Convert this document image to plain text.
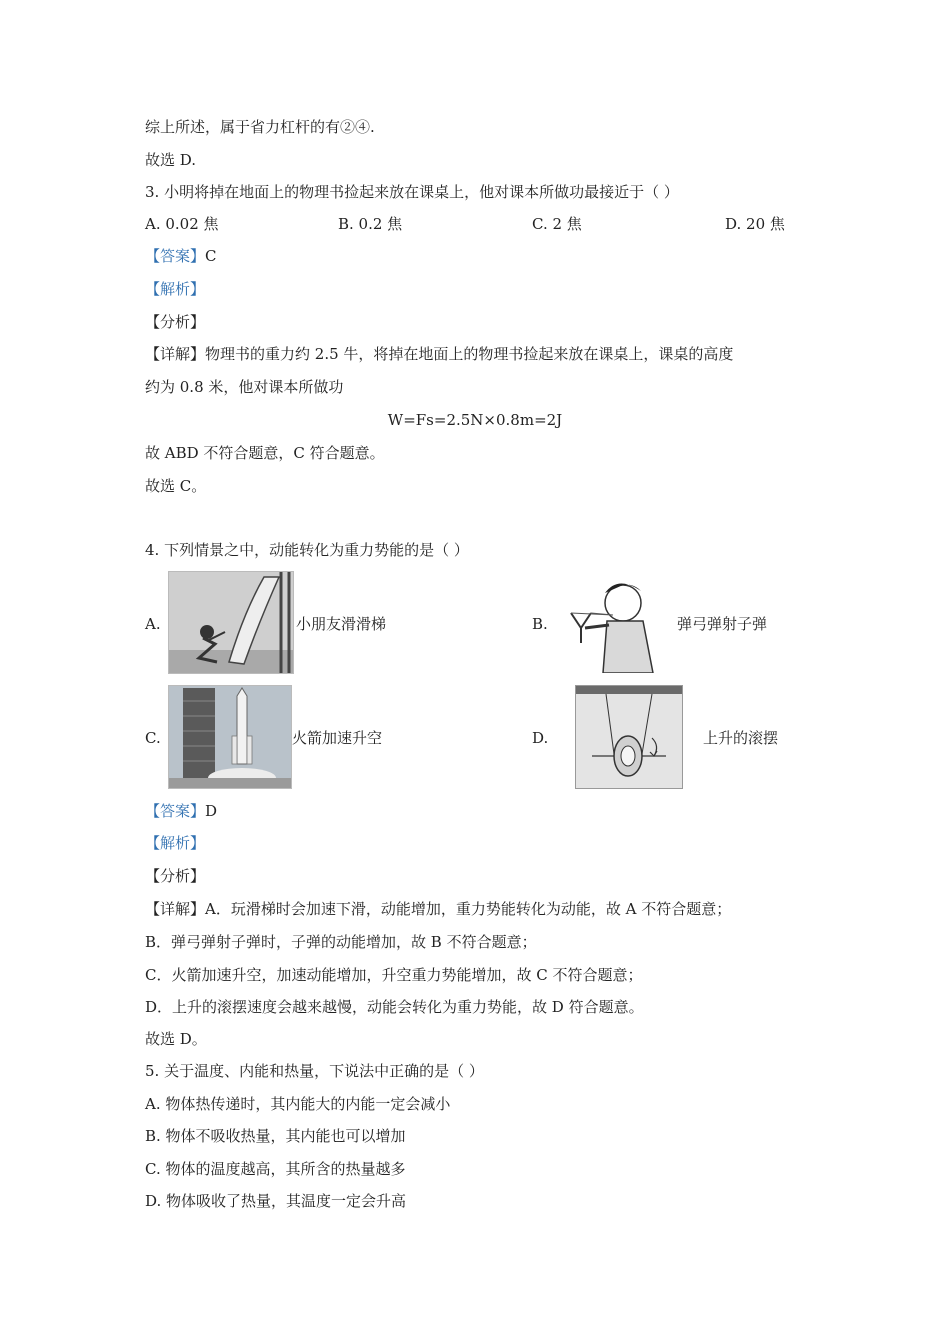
综上所述，属于省力杠杆的有②④.
故选 D.
3. 小明将掉在地面上的物理书捡起来放在课桌上，他对课本所做功最接近于（ ）
A. 0.02 焦	B. 0.2 焦	C. 2 焦	D. 20 焦
【答案】C
【解析】
【分析】
【详解】物理书的重力约 2.5 牛，将掉在地面上的物理书捡起来放在课桌上，课桌的高度
约为 0.8 米，他对课本所做功
W=Fs=2.5N×0.8m=2J
故 ABD 不符合题意，C 符合题意。
故选 C。
4. 下列情景之中，动能转化为重力势能的是（ ）
A.	小朋友滑滑梯	B.	弹弓弹射子弹
C.	火箭加速升空	D.	上升的滚摆
【答案】D
【解析】
【分析】
【详解】A．玩滑梯时会加速下滑，动能增加，重力势能转化为动能，故 A 不符合题意；
B．弹弓弹射子弹时，子弹的动能增加，故 B 不符合题意；
C．火箭加速升空，加速动能增加，升空重力势能增加，故 C 不符合题意；
D．上升的滚摆速度会越来越慢，动能会转化为重力势能，故 D 符合题意。
故选 D。
5. 关于温度、内能和热量，下说法中正确的是（ ）
A. 物体热传递时，其内能大的内能一定会减小
B. 物体不吸收热量，其内能也可以增加
C. 物体的温度越高，其所含的热量越多
D. 物体吸收了热量，其温度一定会升高
